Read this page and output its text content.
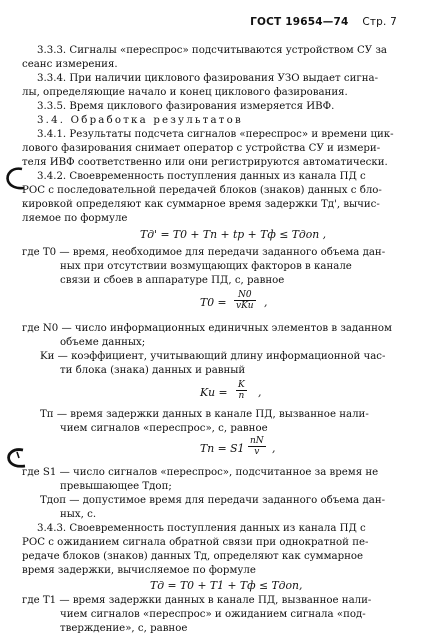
ГОСТ 19654—74 Стр. 7
3.3.3. Сигналы «переспрос» подсчитываются устройством СУ за
сеанс измерения.
3.3.4. При наличии циклового фазирования УЗО выдает сигна-
лы, определяющие начало и конец циклового фазирования.
3.3.5. Время циклового фазирования измеряется ИВФ.
3.4. Обработка результатов
3.4.1. Результаты подсчета сигналов «переспрос» и времени цик-
лового фазирования снимает оператор с устройства СУ и измери-
теля ИВФ соответственно или они регистрируются автоматически.
3.4.2. Своевременность поступления данных из канала ПД с
РОС с последовательной передачей блоков (знаков) данных с бло-
кировкой определяют как суммарное время задержки Tд', вычис-
ляемое по формуле
Tд' = T0 + Tп + tр + Tф ≤ Tдоп ,
где T0 — время, необходимое для передачи заданного объема дан-
ных при отсутствии возмущающих факторов в канале
связи и сбоев в аппаратуре ПД, с, равное
T0 =
N0
vKи ,
где N0 — число информационных единичных элементов в заданном
объеме данных;
Kи — коэффициент, учитывающий длину информационной час-
ти блока (знака) данных и равный
Kи = $\frac{K}{n}$ ,
Tп — время задержки данных в канале ПД, вызванное нали-
чием сигналов «переспрос», с, равное
Tп = $S1 \frac{nN}{v}$ ,
где S1 — число сигналов «переспрос», подсчитанное за время не
превышающее Tдоп;
Tдоп — допустимое время для передачи заданного объема дан-
ных, с.
3.4.3. Своевременность поступления данных из канала ПД с
РОС с ожиданием сигнала обратной связи при однократной пе-
редаче блоков (знаков) данных Tд, определяют как суммарное
время задержки, вычисляемое по формуле
Tд = T0 + T1 + Tф ≤ Tдоп,
где T1 — время задержки данных в канале ПД, вызванное нали-
чием сигналов «переспрос» и ожиданием сигнала «под-
тверждение», с, равное
